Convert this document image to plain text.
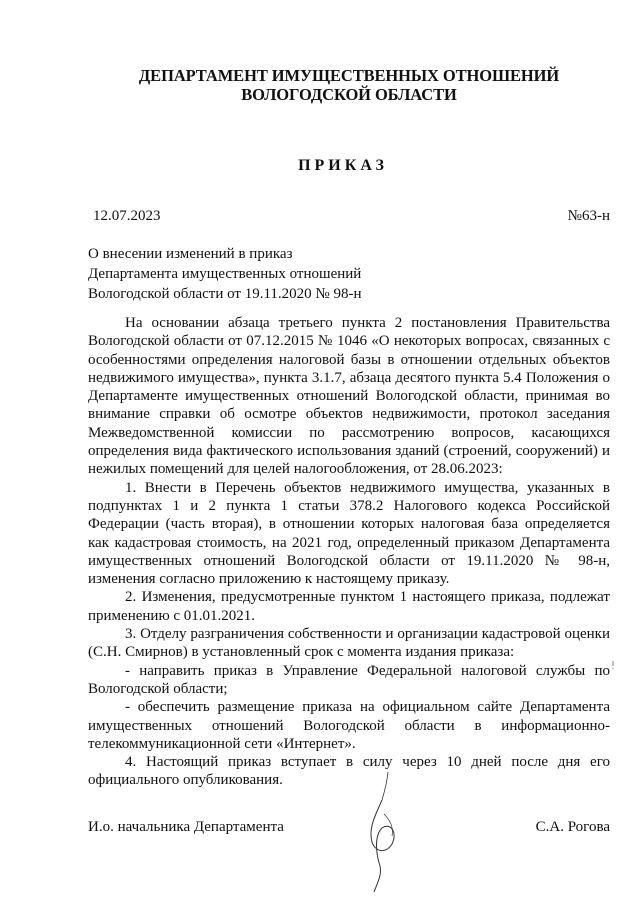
ДЕПАРТАМЕНТ ИМУЩЕСТВЕННЫХ ОТНОШЕНИЙ
ВОЛОГОДСКОЙ ОБЛАСТИ
ПРИКАЗ
12.07.2023	№63-н
О внесении изменений в приказ
Департамента имущественных отношений
Вологодской области от 19.11.2020 № 98-н

На основании абзаца третьего пункта 2 постановления Правительства Вологодской области от 07.12.2015 № 1046 «О некоторых вопросах, связанных с особенностями определения налоговой базы в отношении отдельных объектов недвижимого имущества», пункта 3.1.7, абзаца десятого пункта 5.4 Положения о Департаменте имущественных отношений Вологодской области, принимая во внимание справки об осмотре объектов недвижимости, протокол заседания Межведомственной комиссии по рассмотрению вопросов, касающихся определения вида фактического использования зданий (строений, сооружений) и нежилых помещений для целей налогообложения, от 28.06.2023:

1. Внести в Перечень объектов недвижимого имущества, указанных в подпунктах 1 и 2 пункта 1 статьи 378.2 Налогового кодекса Российской Федерации (часть вторая), в отношении которых налоговая база определяется как кадастровая стоимость, на 2021 год, определенный приказом Департамента имущественных отношений Вологодской области от 19.11.2020 № 98-н, изменения согласно приложению к настоящему приказу.

2. Изменения, предусмотренные пунктом 1 настоящего приказа, подлежат применению с 01.01.2021.

3. Отделу разграничения собственности и организации кадастровой оценки (С.Н. Смирнов) в установленный срок с момента издания приказа:

- направить приказ в Управление Федеральной налоговой службы по Вологодской области;

- обеспечить размещение приказа на официальном сайте Департамента имущественных отношений Вологодской области в информационно-телекоммуникационной сети «Интернет».

4. Настоящий приказ вступает в силу через 10 дней после дня его официального опубликования.

И.о. начальника Департамента	С.А. Рогова
